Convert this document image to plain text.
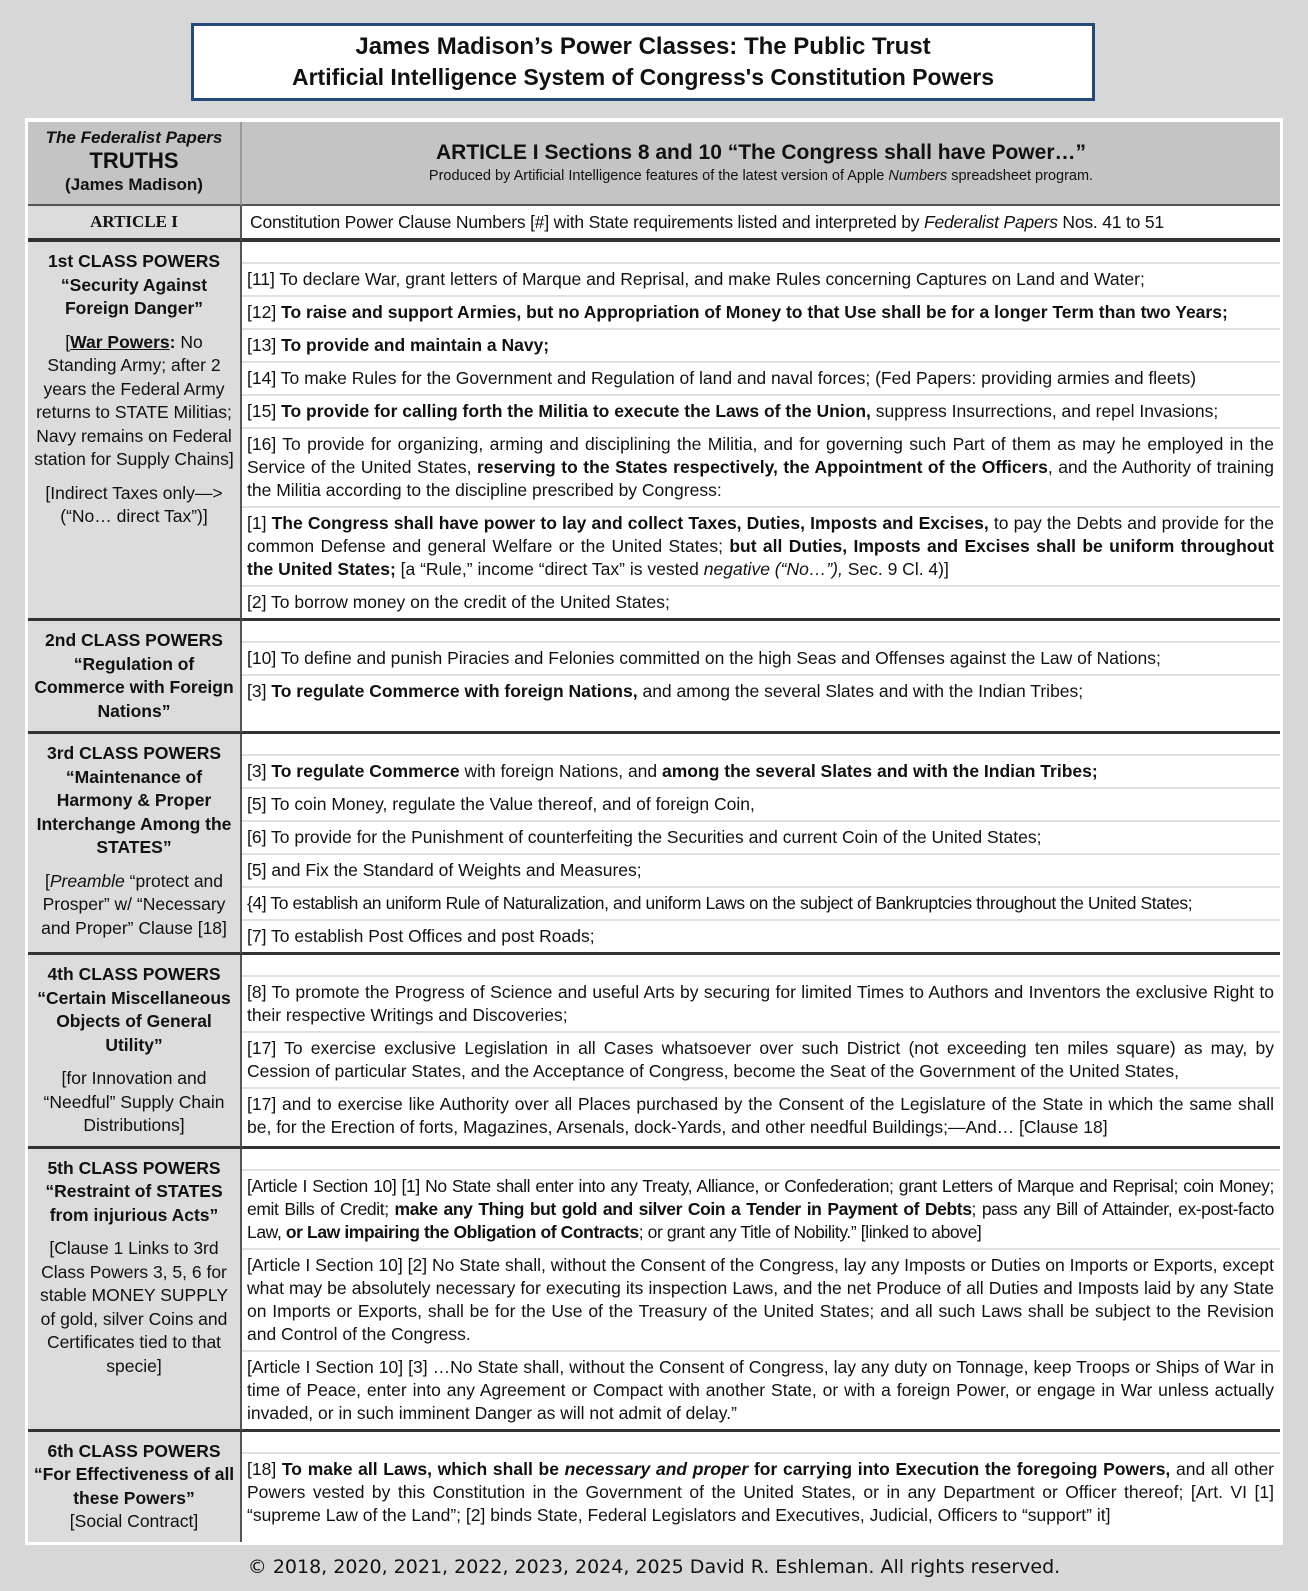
James Madison’s Power Classes: The Public Trust
Artificial Intelligence System of Congress's Constitution Powers
The Federalist Papers
TRUTHS
(James Madison)
ARTICLE I Sections 8 and 10 “The Congress shall have Power…”
Produced by Artificial Intelligence features of the latest version of Apple Numbers spreadsheet program.
ARTICLE I	Constitution Power Clause Numbers [#] with State requirements listed and interpreted by Federalist Papers Nos. 41 to 51
1st CLASS POWERS
“Security Against Foreign Danger”
[War Powers: No Standing Army; after 2 years the Federal Army returns to STATE Militias; Navy remains on Federal station for Supply Chains]
[Indirect Taxes only—> (“No… direct Tax”)]
[11] To declare War, grant letters of Marque and Reprisal, and make Rules concerning Captures on Land and Water;
[12] To raise and support Armies, but no Appropriation of Money to that Use shall be for a longer Term than two Years;
[13] To provide and maintain a Navy;
[14] To make Rules for the Government and Regulation of land and naval forces; (Fed Papers: providing armies and fleets)
[15] To provide for calling forth the Militia to execute the Laws of the Union, suppress Insurrections, and repel Invasions;
[16] To provide for organizing, arming and disciplining the Militia, and for governing such Part of them as may he employed in the Service of the United States, reserving to the States respectively, the Appointment of the Officers, and the Authority of training the Militia according to the discipline prescribed by Congress:
[1] The Congress shall have power to lay and collect Taxes, Duties, Imposts and Excises, to pay the Debts and provide for the common Defense and general Welfare or the United States; but all Duties, Imposts and Excises shall be uniform throughout the United States; [a “Rule,” income “direct Tax” is vested negative (“No…”), Sec. 9 Cl. 4)]
[2] To borrow money on the credit of the United States;
2nd CLASS POWERS
“Regulation of Commerce with Foreign Nations”
[10] To define and punish Piracies and Felonies committed on the high Seas and Offenses against the Law of Nations;
[3] To regulate Commerce with foreign Nations, and among the several Slates and with the Indian Tribes;
3rd CLASS POWERS
“Maintenance of Harmony & Proper Interchange Among the STATES”
[Preamble “protect and Prosper” w/ “Necessary and Proper” Clause [18]
[3] To regulate Commerce with foreign Nations, and among the several Slates and with the Indian Tribes;
[5] To coin Money, regulate the Value thereof, and of foreign Coin,
[6] To provide for the Punishment of counterfeiting the Securities and current Coin of the United States;
[5] and Fix the Standard of Weights and Measures;
{4] To establish an uniform Rule of Naturalization, and uniform Laws on the subject of Bankruptcies throughout the United States;
[7] To establish Post Offices and post Roads;
4th CLASS POWERS
“Certain Miscellaneous Objects of General Utility”
[for Innovation and “Needful” Supply Chain Distributions]
[8] To promote the Progress of Science and useful Arts by securing for limited Times to Authors and Inventors the exclusive Right to their respective Writings and Discoveries;
[17] To exercise exclusive Legislation in all Cases whatsoever over such District (not exceeding ten miles square) as may, by Cession of particular States, and the Acceptance of Congress, become the Seat of the Government of the United States,
[17] and to exercise like Authority over all Places purchased by the Consent of the Legislature of the State in which the same shall be, for the Erection of forts, Magazines, Arsenals, dock-Yards, and other needful Buildings;—And… [Clause 18]
5th CLASS POWERS
“Restraint of STATES from injurious Acts”
[Clause 1 Links to 3rd Class Powers 3, 5, 6 for stable MONEY SUPPLY of gold, silver Coins and Certificates tied to that specie]
[Article I Section 10] [1] No State shall enter into any Treaty, Alliance, or Confederation; grant Letters of Marque and Reprisal; coin Money; emit Bills of Credit; make any Thing but gold and silver Coin a Tender in Payment of Debts; pass any Bill of Attainder, ex-post-facto Law, or Law impairing the Obligation of Contracts; or grant any Title of Nobility.” [linked to above]
[Article I Section 10] [2] No State shall, without the Consent of the Congress, lay any Imposts or Duties on Imports or Exports, except what may be absolutely necessary for executing its inspection Laws, and the net Produce of all Duties and Imposts laid by any State on Imports or Exports, shall be for the Use of the Treasury of the United States; and all such Laws shall be subject to the Revision and Control of the Congress.
[Article I Section 10] [3] …No State shall, without the Consent of Congress, lay any duty on Tonnage, keep Troops or Ships of War in time of Peace, enter into any Agreement or Compact with another State, or with a foreign Power, or engage in War unless actually invaded, or in such imminent Danger as will not admit of delay.”
6th CLASS POWERS
“For Effectiveness of all these Powers”
[Social Contract]
[18] To make all Laws, which shall be necessary and proper for carrying into Execution the foregoing Powers, and all other Powers vested by this Constitution in the Government of the United States, or in any Department or Officer thereof; [Art. VI [1] “supreme Law of the Land”; [2] binds State, Federal Legislators and Executives, Judicial, Officers to “support” it]
© 2018, 2020, 2021, 2022, 2023, 2024, 2025 David R. Eshleman. All rights reserved.
